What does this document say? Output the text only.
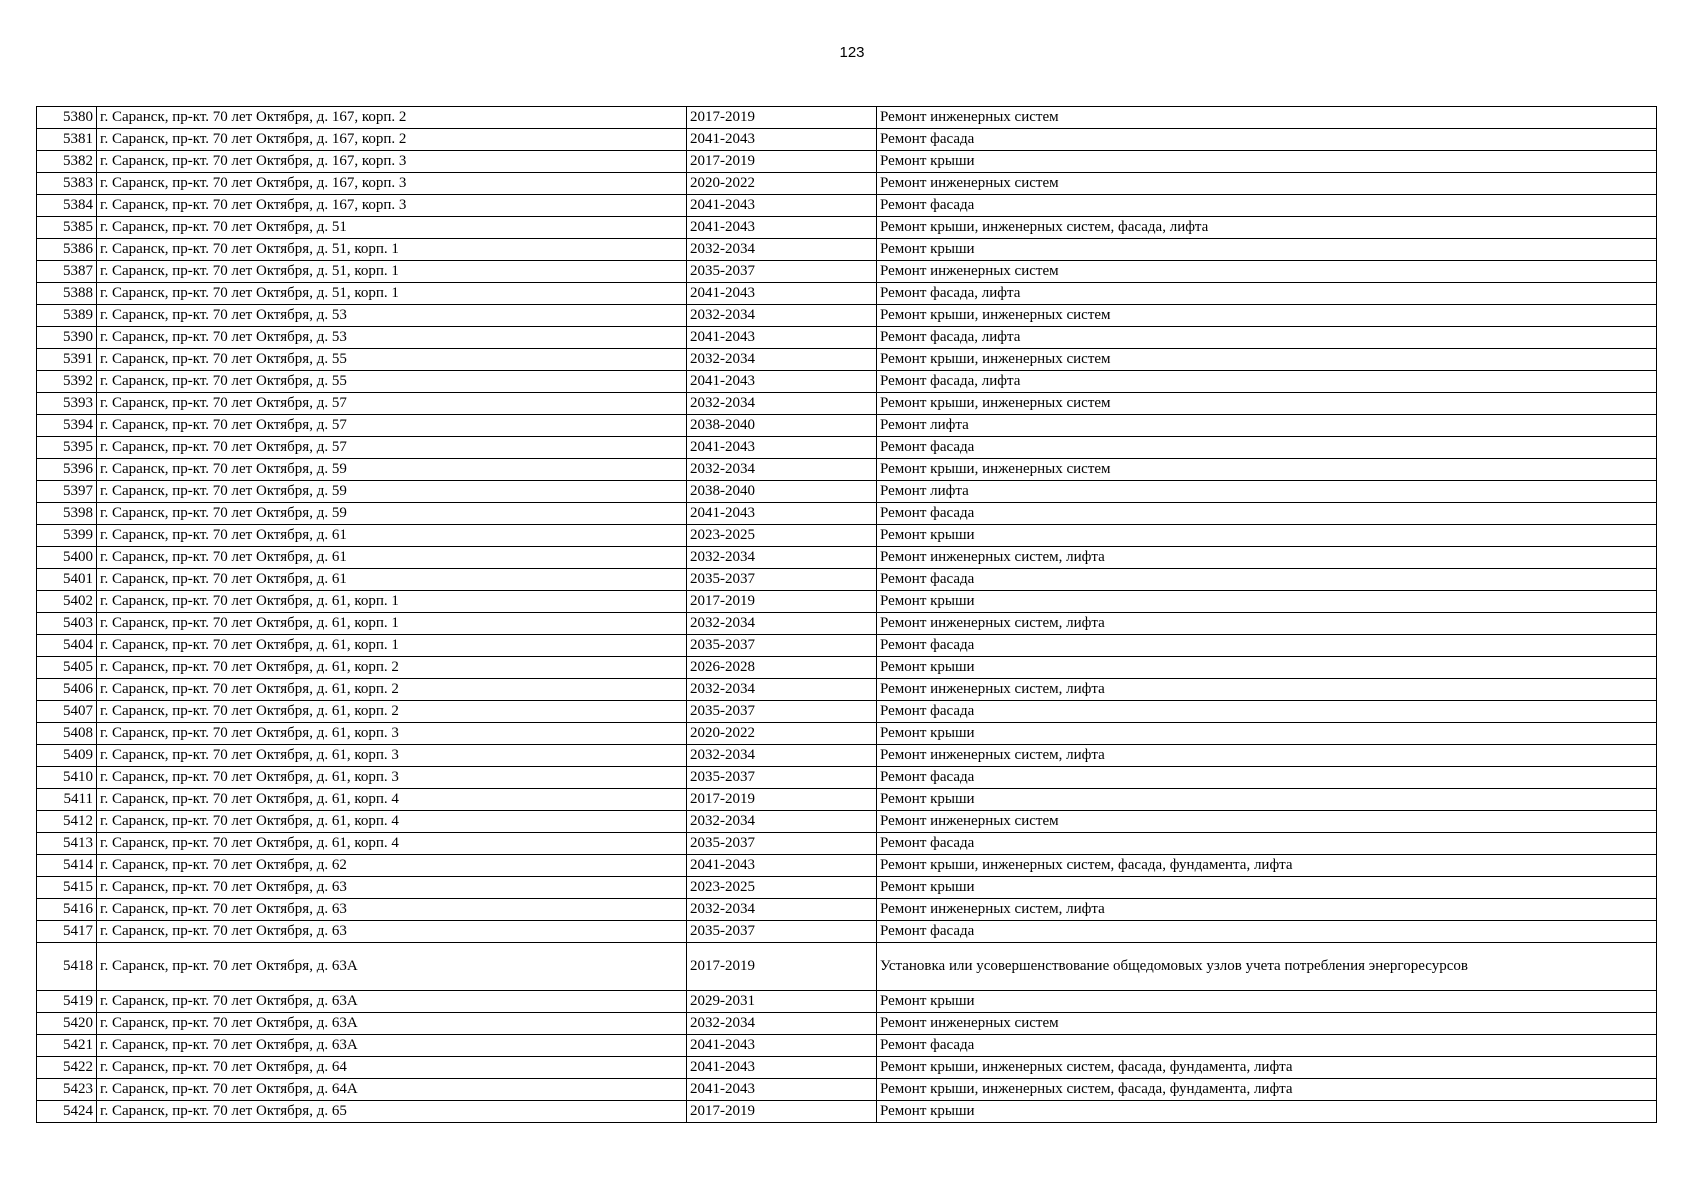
123
5380	г. Саранск, пр-кт. 70 лет Октября, д. 167, корп. 2	2017-2019	Ремонт инженерных систем
5381	г. Саранск, пр-кт. 70 лет Октября, д. 167, корп. 2	2041-2043	Ремонт фасада
5382	г. Саранск, пр-кт. 70 лет Октября, д. 167, корп. 3	2017-2019	Ремонт крыши
5383	г. Саранск, пр-кт. 70 лет Октября, д. 167, корп. 3	2020-2022	Ремонт инженерных систем
5384	г. Саранск, пр-кт. 70 лет Октября, д. 167, корп. 3	2041-2043	Ремонт фасада
5385	г. Саранск, пр-кт. 70 лет Октября, д. 51	2041-2043	Ремонт крыши, инженерных систем, фасада, лифта
5386	г. Саранск, пр-кт. 70 лет Октября, д. 51, корп. 1	2032-2034	Ремонт крыши
5387	г. Саранск, пр-кт. 70 лет Октября, д. 51, корп. 1	2035-2037	Ремонт инженерных систем
5388	г. Саранск, пр-кт. 70 лет Октября, д. 51, корп. 1	2041-2043	Ремонт фасада, лифта
5389	г. Саранск, пр-кт. 70 лет Октября, д. 53	2032-2034	Ремонт крыши, инженерных систем
5390	г. Саранск, пр-кт. 70 лет Октября, д. 53	2041-2043	Ремонт фасада, лифта
5391	г. Саранск, пр-кт. 70 лет Октября, д. 55	2032-2034	Ремонт крыши, инженерных систем
5392	г. Саранск, пр-кт. 70 лет Октября, д. 55	2041-2043	Ремонт фасада, лифта
5393	г. Саранск, пр-кт. 70 лет Октября, д. 57	2032-2034	Ремонт крыши, инженерных систем
5394	г. Саранск, пр-кт. 70 лет Октября, д. 57	2038-2040	Ремонт лифта
5395	г. Саранск, пр-кт. 70 лет Октября, д. 57	2041-2043	Ремонт фасада
5396	г. Саранск, пр-кт. 70 лет Октября, д. 59	2032-2034	Ремонт крыши, инженерных систем
5397	г. Саранск, пр-кт. 70 лет Октября, д. 59	2038-2040	Ремонт лифта
5398	г. Саранск, пр-кт. 70 лет Октября, д. 59	2041-2043	Ремонт фасада
5399	г. Саранск, пр-кт. 70 лет Октября, д. 61	2023-2025	Ремонт крыши
5400	г. Саранск, пр-кт. 70 лет Октября, д. 61	2032-2034	Ремонт инженерных систем, лифта
5401	г. Саранск, пр-кт. 70 лет Октября, д. 61	2035-2037	Ремонт фасада
5402	г. Саранск, пр-кт. 70 лет Октября, д. 61, корп. 1	2017-2019	Ремонт крыши
5403	г. Саранск, пр-кт. 70 лет Октября, д. 61, корп. 1	2032-2034	Ремонт инженерных систем, лифта
5404	г. Саранск, пр-кт. 70 лет Октября, д. 61, корп. 1	2035-2037	Ремонт фасада
5405	г. Саранск, пр-кт. 70 лет Октября, д. 61, корп. 2	2026-2028	Ремонт крыши
5406	г. Саранск, пр-кт. 70 лет Октября, д. 61, корп. 2	2032-2034	Ремонт инженерных систем, лифта
5407	г. Саранск, пр-кт. 70 лет Октября, д. 61, корп. 2	2035-2037	Ремонт фасада
5408	г. Саранск, пр-кт. 70 лет Октября, д. 61, корп. 3	2020-2022	Ремонт крыши
5409	г. Саранск, пр-кт. 70 лет Октября, д. 61, корп. 3	2032-2034	Ремонт инженерных систем, лифта
5410	г. Саранск, пр-кт. 70 лет Октября, д. 61, корп. 3	2035-2037	Ремонт фасада
5411	г. Саранск, пр-кт. 70 лет Октября, д. 61, корп. 4	2017-2019	Ремонт крыши
5412	г. Саранск, пр-кт. 70 лет Октября, д. 61, корп. 4	2032-2034	Ремонт инженерных систем
5413	г. Саранск, пр-кт. 70 лет Октября, д. 61, корп. 4	2035-2037	Ремонт фасада
5414	г. Саранск, пр-кт. 70 лет Октября, д. 62	2041-2043	Ремонт крыши, инженерных систем, фасада, фундамента, лифта
5415	г. Саранск, пр-кт. 70 лет Октября, д. 63	2023-2025	Ремонт крыши
5416	г. Саранск, пр-кт. 70 лет Октября, д. 63	2032-2034	Ремонт инженерных систем, лифта
5417	г. Саранск, пр-кт. 70 лет Октября, д. 63	2035-2037	Ремонт фасада
5418	г. Саранск, пр-кт. 70 лет Октября, д. 63А	2017-2019	Установка или усовершенствование общедомовых узлов учета потребления энергоресурсов
5419	г. Саранск, пр-кт. 70 лет Октября, д. 63А	2029-2031	Ремонт крыши
5420	г. Саранск, пр-кт. 70 лет Октября, д. 63А	2032-2034	Ремонт инженерных систем
5421	г. Саранск, пр-кт. 70 лет Октября, д. 63А	2041-2043	Ремонт фасада
5422	г. Саранск, пр-кт. 70 лет Октября, д. 64	2041-2043	Ремонт крыши, инженерных систем, фасада, фундамента, лифта
5423	г. Саранск, пр-кт. 70 лет Октября, д. 64А	2041-2043	Ремонт крыши, инженерных систем, фасада, фундамента, лифта
5424	г. Саранск, пр-кт. 70 лет Октября, д. 65	2017-2019	Ремонт крыши
